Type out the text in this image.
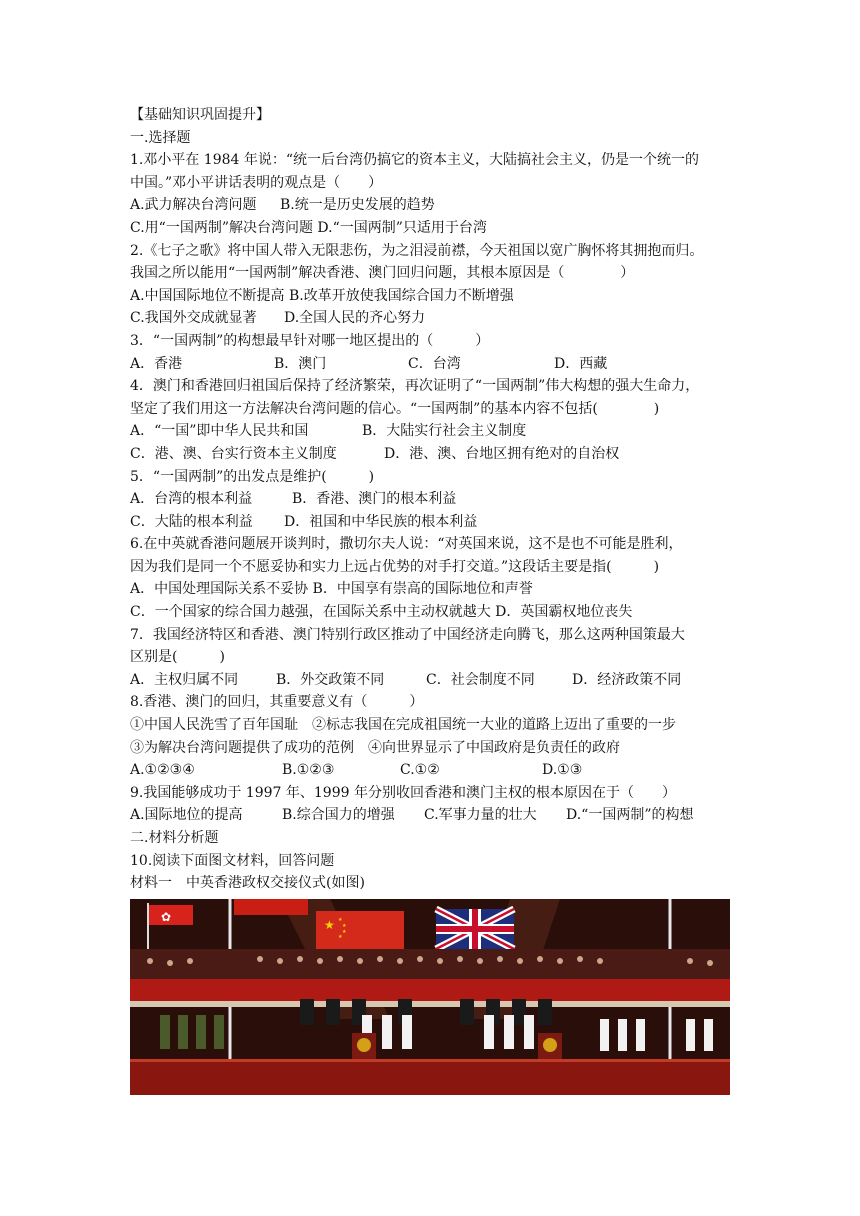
【基础知识巩固提升】
一.选择题
1.邓小平在 1984 年说：“统一后台湾仍搞它的资本主义，大陆搞社会主义，仍是一个统一的
中国。”邓小平讲话表明的观点是（　　）
A.武力解决台湾问题	B.统一是历史发展的趋势
C.用“一国两制”解决台湾问题 D.“一国两制”只适用于台湾
2.《七子之歌》将中国人带入无限悲伤，为之泪浸前襟，今天祖国以宽广胸怀将其拥抱而归。
我国之所以能用“一国两制”解决香港、澳门回归问题，其根本原因是（　　　　）
A.中国国际地位不断提高 B.改革开放使我国综合国力不断增强
C.我国外交成就显著	D.全国人民的齐心努力
3．“一国两制”的构想最早针对哪一地区提出的（　　　）
A．香港	B．澳门	C．台湾	D．西藏
4．澳门和香港回归祖国后保持了经济繁荣，再次证明了“一国两制”伟大构想的强大生命力，
坚定了我们用这一方法解决台湾问题的信心。“一国两制”的基本内容不包括(　　　　)
A．“一国”即中华人民共和国	B．大陆实行社会主义制度
C．港、澳、台实行资本主义制度	D．港、澳、台地区拥有绝对的自治权
5．“一国两制”的出发点是维护(　　　)
A．台湾的根本利益	B．香港、澳门的根本利益
C．大陆的根本利益	D．祖国和中华民族的根本利益
6.在中英就香港问题展开谈判时，撒切尔夫人说：“对英国来说，这不是也不可能是胜利，
因为我们是同一个不愿妥协和实力上远占优势的对手打交道。”这段话主要是指(　　　)
A．中国处理国际关系不妥协 B．中国享有崇高的国际地位和声誉
C．一个国家的综合国力越强，在国际关系中主动权就越大 D．英国霸权地位丧失
7．我国经济特区和香港、澳门特别行政区推动了中国经济走向腾飞，那么这两种国策最大
区别是(　　　)
A．主权归属不同	B．外交政策不同	C．社会制度不同	D．经济政策不同
8.香港、澳门的回归，其重要意义有（　　　）
①中国人民洗雪了百年国耻　②标志我国在完成祖国统一大业的道路上迈出了重要的一步
③为解决台湾问题提供了成功的范例　④向世界显示了中国政府是负责任的政府
A.①②③④	B.①②③	C.①②	D.①③
9.我国能够成功于 1997 年、1999 年分别收回香港和澳门主权的根本原因在于（　　）
A.国际地位的提高	B.综合国力的增强	C.军事力量的壮大	D.“一国两制”的构想
二.材料分析题
10.阅读下面图文材料，回答问题
材料一　中英香港政权交接仪式(如图)
✿
★ ★
★
★
★
